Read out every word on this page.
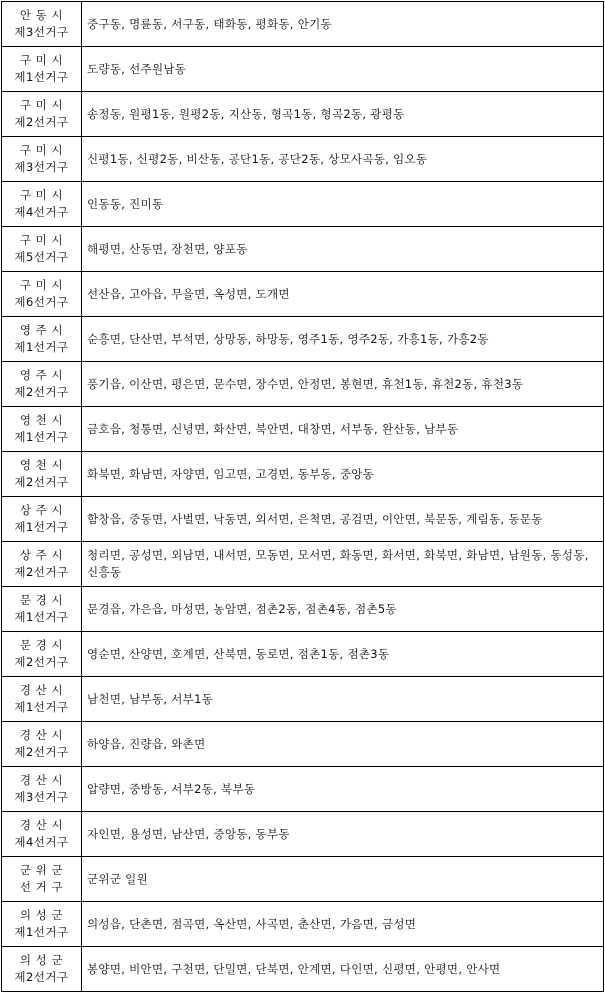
안 동 시
제3선거구	중구동, 명륜동, 서구동, 태화동, 평화동, 안기동

구 미 시
제1선거구	도량동, 선주원남동

구 미 시
제2선거구	송정동, 원평1동, 원평2동, 지산동, 형곡1동, 형곡2동, 광평동

구 미 시
제3선거구	신평1동, 신평2동, 비산동, 공단1동, 공단2동, 상모사곡동, 임오동

구 미 시
제4선거구	인동동, 진미동

구 미 시
제5선거구	해평면, 산동면, 장천면, 양포동

구 미 시
제6선거구	선산읍, 고아읍, 무을면, 옥성면, 도개면

영 주 시
제1선거구	순흥면, 단산면, 부석면, 상망동, 하망동, 영주1동, 영주2동, 가흥1동, 가흥2동

영 주 시
제2선거구	풍기읍, 이산면, 평은면, 문수면, 장수면, 안정면, 봉현면, 휴천1동, 휴천2동, 휴천3동

영 천 시
제1선거구	금호읍, 청통면, 신녕면, 화산면, 북안면, 대창면, 서부동, 완산동, 남부동

영 천 시
제2선거구	화북면, 화남면, 자양면, 임고면, 고경면, 동부동, 중앙동

상 주 시
제1선거구	함창읍, 중동면, 사벌면, 낙동면, 외서면, 은척면, 공검면, 이안면, 북문동, 계림동, 동문동

상 주 시
제2선거구	청리면, 공성면, 외남면, 내서면, 모동면, 모서면, 화동면, 화서면, 화북면, 화남면, 남원동, 동성동, 신흥동

문 경 시
제1선거구	문경읍, 가은읍, 마성면, 농암면, 점촌2동, 점촌4동, 점촌5동

문 경 시
제2선거구	영순면, 산양면, 호계면, 산북면, 동로면, 점촌1동, 점촌3동

경 산 시
제1선거구	남천면, 남부동, 서부1동

경 산 시
제2선거구	하양읍, 진량읍, 와촌면

경 산 시
제3선거구	압량면, 중방동, 서부2동, 북부동

경 산 시
제4선거구	자인면, 용성면, 남산면, 중앙동, 동부동

군 위 군
선 거 구	군위군 일원

의 성 군
제1선거구	의성읍, 단촌면, 점곡면, 옥산면, 사곡면, 춘산면, 가음면, 금성면

의 성 군
제2선거구	봉양면, 비안면, 구천면, 단밀면, 단북면, 안계면, 다인면, 신평면, 안평면, 안사면
